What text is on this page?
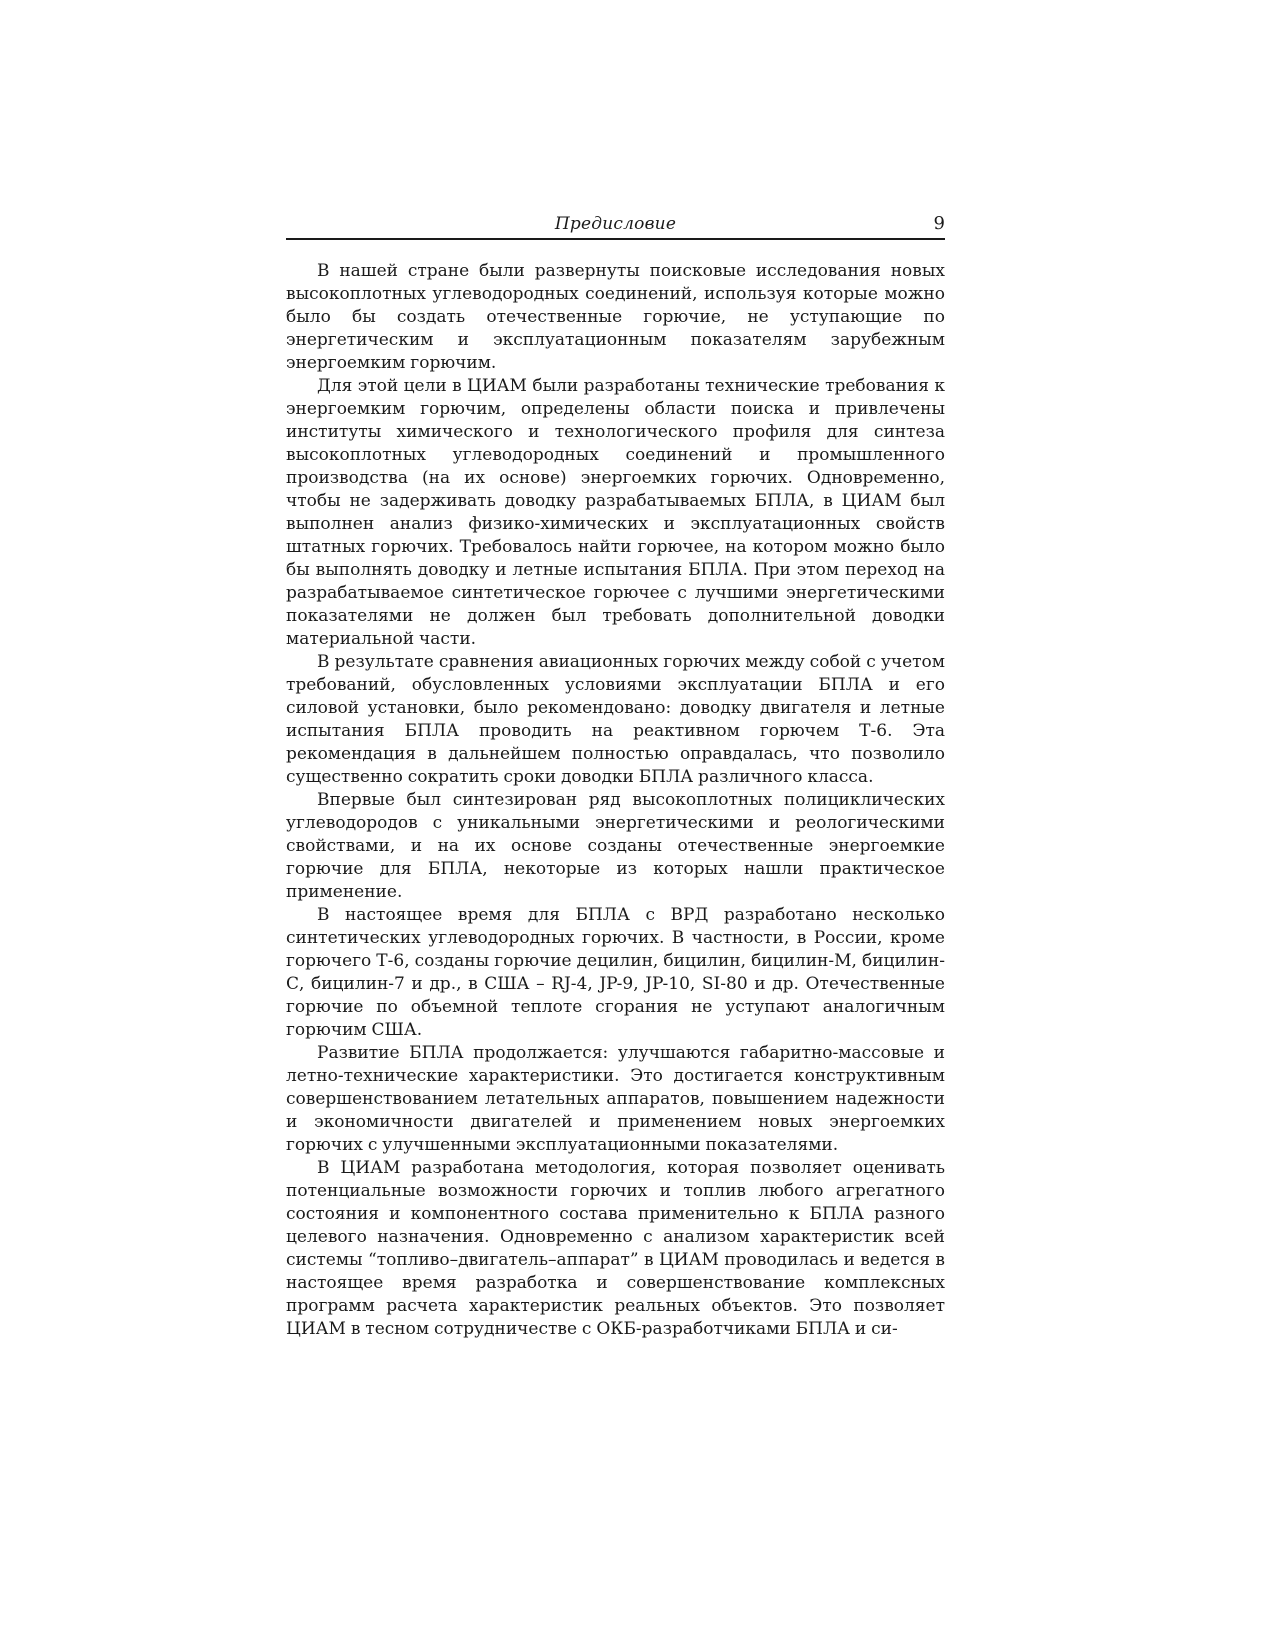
Предисловие	9

В нашей стране были развернуты поисковые исследования новых высокоплотных углеводородных соединений, используя которые можно было бы создать отечественные горючие, не уступающие по энергетическим и эксплуатационным показателям зарубежным энергоемким горючим.

Для этой цели в ЦИАМ были разработаны технические требования к энергоемким горючим, определены области поиска и привлечены институты химического и технологического профиля для синтеза высокоплотных углеводородных соединений и промышленного производства (на их основе) энергоемких горючих. Одновременно, чтобы не задерживать доводку разрабатываемых БПЛА, в ЦИАМ был выполнен анализ физико-химических и эксплуатационных свойств штатных горючих. Требовалось найти горючее, на котором можно было бы выполнять доводку и летные испытания БПЛА. При этом переход на разрабатываемое синтетическое горючее с лучшими энергетическими показателями не должен был требовать дополнительной доводки материальной части.

В результате сравнения авиационных горючих между собой с учетом требований, обусловленных условиями эксплуатации БПЛА и его силовой установки, было рекомендовано: доводку двигателя и летные испытания БПЛА проводить на реактивном горючем Т-6. Эта рекомендация в дальнейшем полностью оправдалась, что позволило существенно сократить сроки доводки БПЛА различного класса.

Впервые был синтезирован ряд высокоплотных полициклических углеводородов с уникальными энергетическими и реологическими свойствами, и на их основе созданы отечественные энергоемкие горючие для БПЛА, некоторые из которых нашли практическое применение.

В настоящее время для БПЛА с ВРД разработано несколько синтетических углеводородных горючих. В частности, в России, кроме горючего Т-6, созданы горючие децилин, бицилин, бицилин-М, бицилин-С, бицилин-7 и др., в США – RJ-4, JP-9, JP-10, SI-80 и др. Отечественные горючие по объемной теплоте сгорания не уступают аналогичным горючим США.

Развитие БПЛА продолжается: улучшаются габаритно-массовые и летно-технические характеристики. Это достигается конструктивным совершенствованием летательных аппаратов, повышением надежности и экономичности двигателей и применением новых энергоемких горючих с улучшенными эксплуатационными показателями.

В ЦИАМ разработана методология, которая позволяет оценивать потенциальные возможности горючих и топлив любого агрегатного состояния и компонентного состава применительно к БПЛА разного целевого назначения. Одновременно с анализом характеристик всей системы “топливо–двигатель–аппарат” в ЦИАМ проводилась и ведется в настоящее время разработка и совершенствование комплексных программ расчета характеристик реальных объектов. Это позволяет ЦИАМ в тесном сотрудничестве с ОКБ-разработчиками БПЛА и си-
